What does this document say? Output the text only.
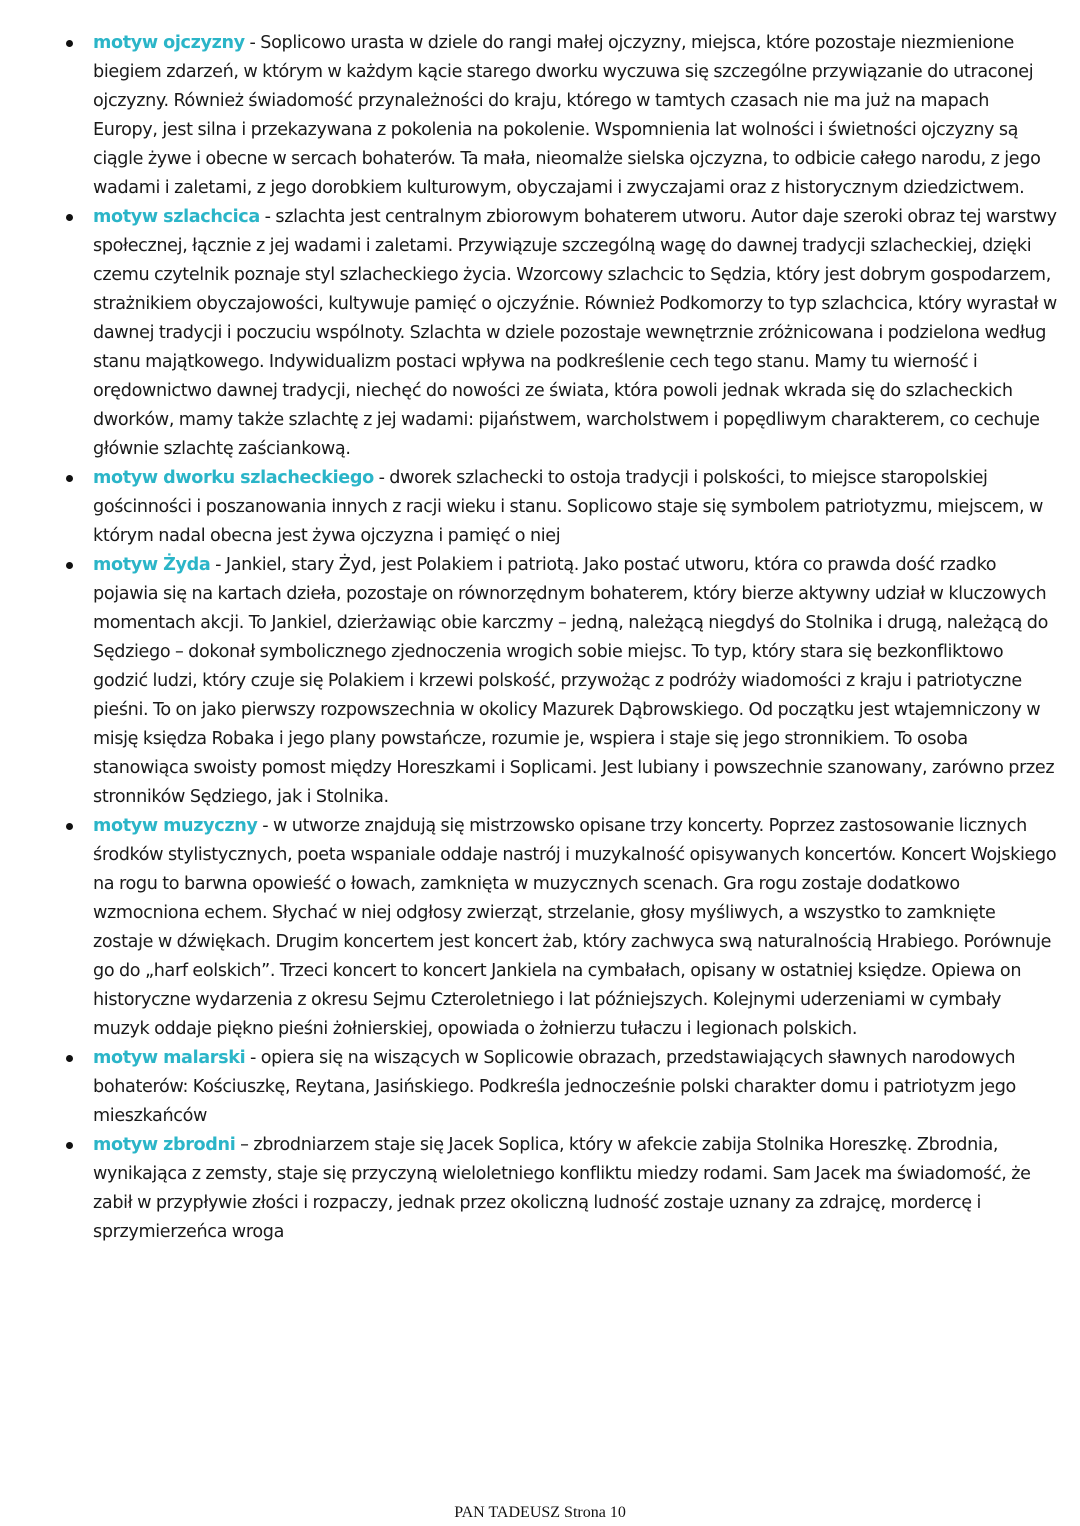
motyw ojczyzny - Soplicowo urasta w dziele do rangi małej ojczyzny, miejsca, które pozostaje niezmienione biegiem zdarzeń, w którym w każdym kącie starego dworku wyczuwa się szczególne przywiązanie do utraconej ojczyzny. Również świadomość przynależności do kraju, którego w tamtych czasach nie ma już na mapach Europy, jest silna i przekazywana z pokolenia na pokolenie. Wspomnienia lat wolności i świetności ojczyzny są ciągle żywe i obecne w sercach bohaterów. Ta mała, nieomalże sielska ojczyzna, to odbicie całego narodu, z jego wadami i zaletami, z jego dorobkiem kulturowym, obyczajami i zwyczajami oraz z historycznym dziedzictwem.
motyw szlachcica - szlachta jest centralnym zbiorowym bohaterem utworu. Autor daje szeroki obraz tej warstwy społecznej, łącznie z jej wadami i zaletami. Przywiązuje szczególną wagę do dawnej tradycji szlacheckiej, dzięki czemu czytelnik poznaje styl szlacheckiego życia. Wzorcowy szlachcic to Sędzia, który jest dobrym gospodarzem, strażnikiem obyczajowości, kultywuje pamięć o ojczyźnie. Również Podkomorzy to typ szlachcica, który wyrastał w dawnej tradycji i poczuciu wspólnoty. Szlachta w dziele pozostaje wewnętrznie zróżnicowana i podzielona według stanu majątkowego. Indywidualizm postaci wpływa na podkreślenie cech tego stanu. Mamy tu wierność i orędownictwo dawnej tradycji, niechęć do nowości ze świata, która powoli jednak wkrada się do szlacheckich dworków, mamy także szlachtę z jej wadami: pijaństwem, warcholstwem i popędliwym charakterem, co cechuje głównie szlachtę zaściankową.
motyw dworku szlacheckiego - dworek szlachecki to ostoja tradycji i polskości, to miejsce staropolskiej gościnności i poszanowania innych z racji wieku i stanu. Soplicowo staje się symbolem patriotyzmu, miejscem, w którym nadal obecna jest żywa ojczyzna i pamięć o niej
motyw Żyda - Jankiel, stary Żyd, jest Polakiem i patriotą. Jako postać utworu, która co prawda dość rzadko pojawia się na kartach dzieła, pozostaje on równorzędnym bohaterem, który bierze aktywny udział w kluczowych momentach akcji. To Jankiel, dzierżawiąc obie karczmy – jedną, należącą niegdyś do Stolnika i drugą, należącą do Sędziego – dokonał symbolicznego zjednoczenia wrogich sobie miejsc. To typ, który stara się bezkonfliktowo godzić ludzi, który czuje się Polakiem i krzewi polskość, przywożąc z podróży wiadomości z kraju i patriotyczne pieśni. To on jako pierwszy rozpowszechnia w okolicy Mazurek Dąbrowskiego. Od początku jest wtajemniczony w misję księdza Robaka i jego plany powstańcze, rozumie je, wspiera i staje się jego stronnikiem. To osoba stanowiąca swoisty pomost między Horeszkami i Soplicami. Jest lubiany i powszechnie szanowany, zarówno przez stronników Sędziego, jak i Stolnika.
motyw muzyczny - w utworze znajdują się mistrzowsko opisane trzy koncerty. Poprzez zastosowanie licznych środków stylistycznych, poeta wspaniale oddaje nastrój i muzykalność opisywanych koncertów. Koncert Wojskiego na rogu to barwna opowieść o łowach, zamknięta w muzycznych scenach. Gra rogu zostaje dodatkowo wzmocniona echem. Słychać w niej odgłosy zwierząt, strzelanie, głosy myśliwych, a wszystko to zamknięte zostaje w dźwiękach. Drugim koncertem jest koncert żab, który zachwyca swą naturalnością Hrabiego. Porównuje go do „harf eolskich”. Trzeci koncert to koncert Jankiela na cymbałach, opisany w ostatniej księdze. Opiewa on historyczne wydarzenia z okresu Sejmu Czteroletniego i lat późniejszych. Kolejnymi uderzeniami w cymbały muzyk oddaje piękno pieśni żołnierskiej, opowiada o żołnierzu tułaczu i legionach polskich.
motyw malarski - opiera się na wiszących w Soplicowie obrazach, przedstawiających sławnych narodowych bohaterów: Kościuszkę, Reytana, Jasińskiego. Podkreśla jednocześnie polski charakter domu i patriotyzm jego mieszkańców
motyw zbrodni – zbrodniarzem staje się Jacek Soplica, który w afekcie zabija Stolnika Horeszkę. Zbrodnia, wynikająca z zemsty, staje się przyczyną wieloletniego konfliktu miedzy rodami. Sam Jacek ma świadomość, że zabił w przypływie złości i rozpaczy, jednak przez okoliczną ludność zostaje uznany za zdrajcę, mordercę i sprzymierzeńca wroga
PAN TADEUSZ Strona 10
